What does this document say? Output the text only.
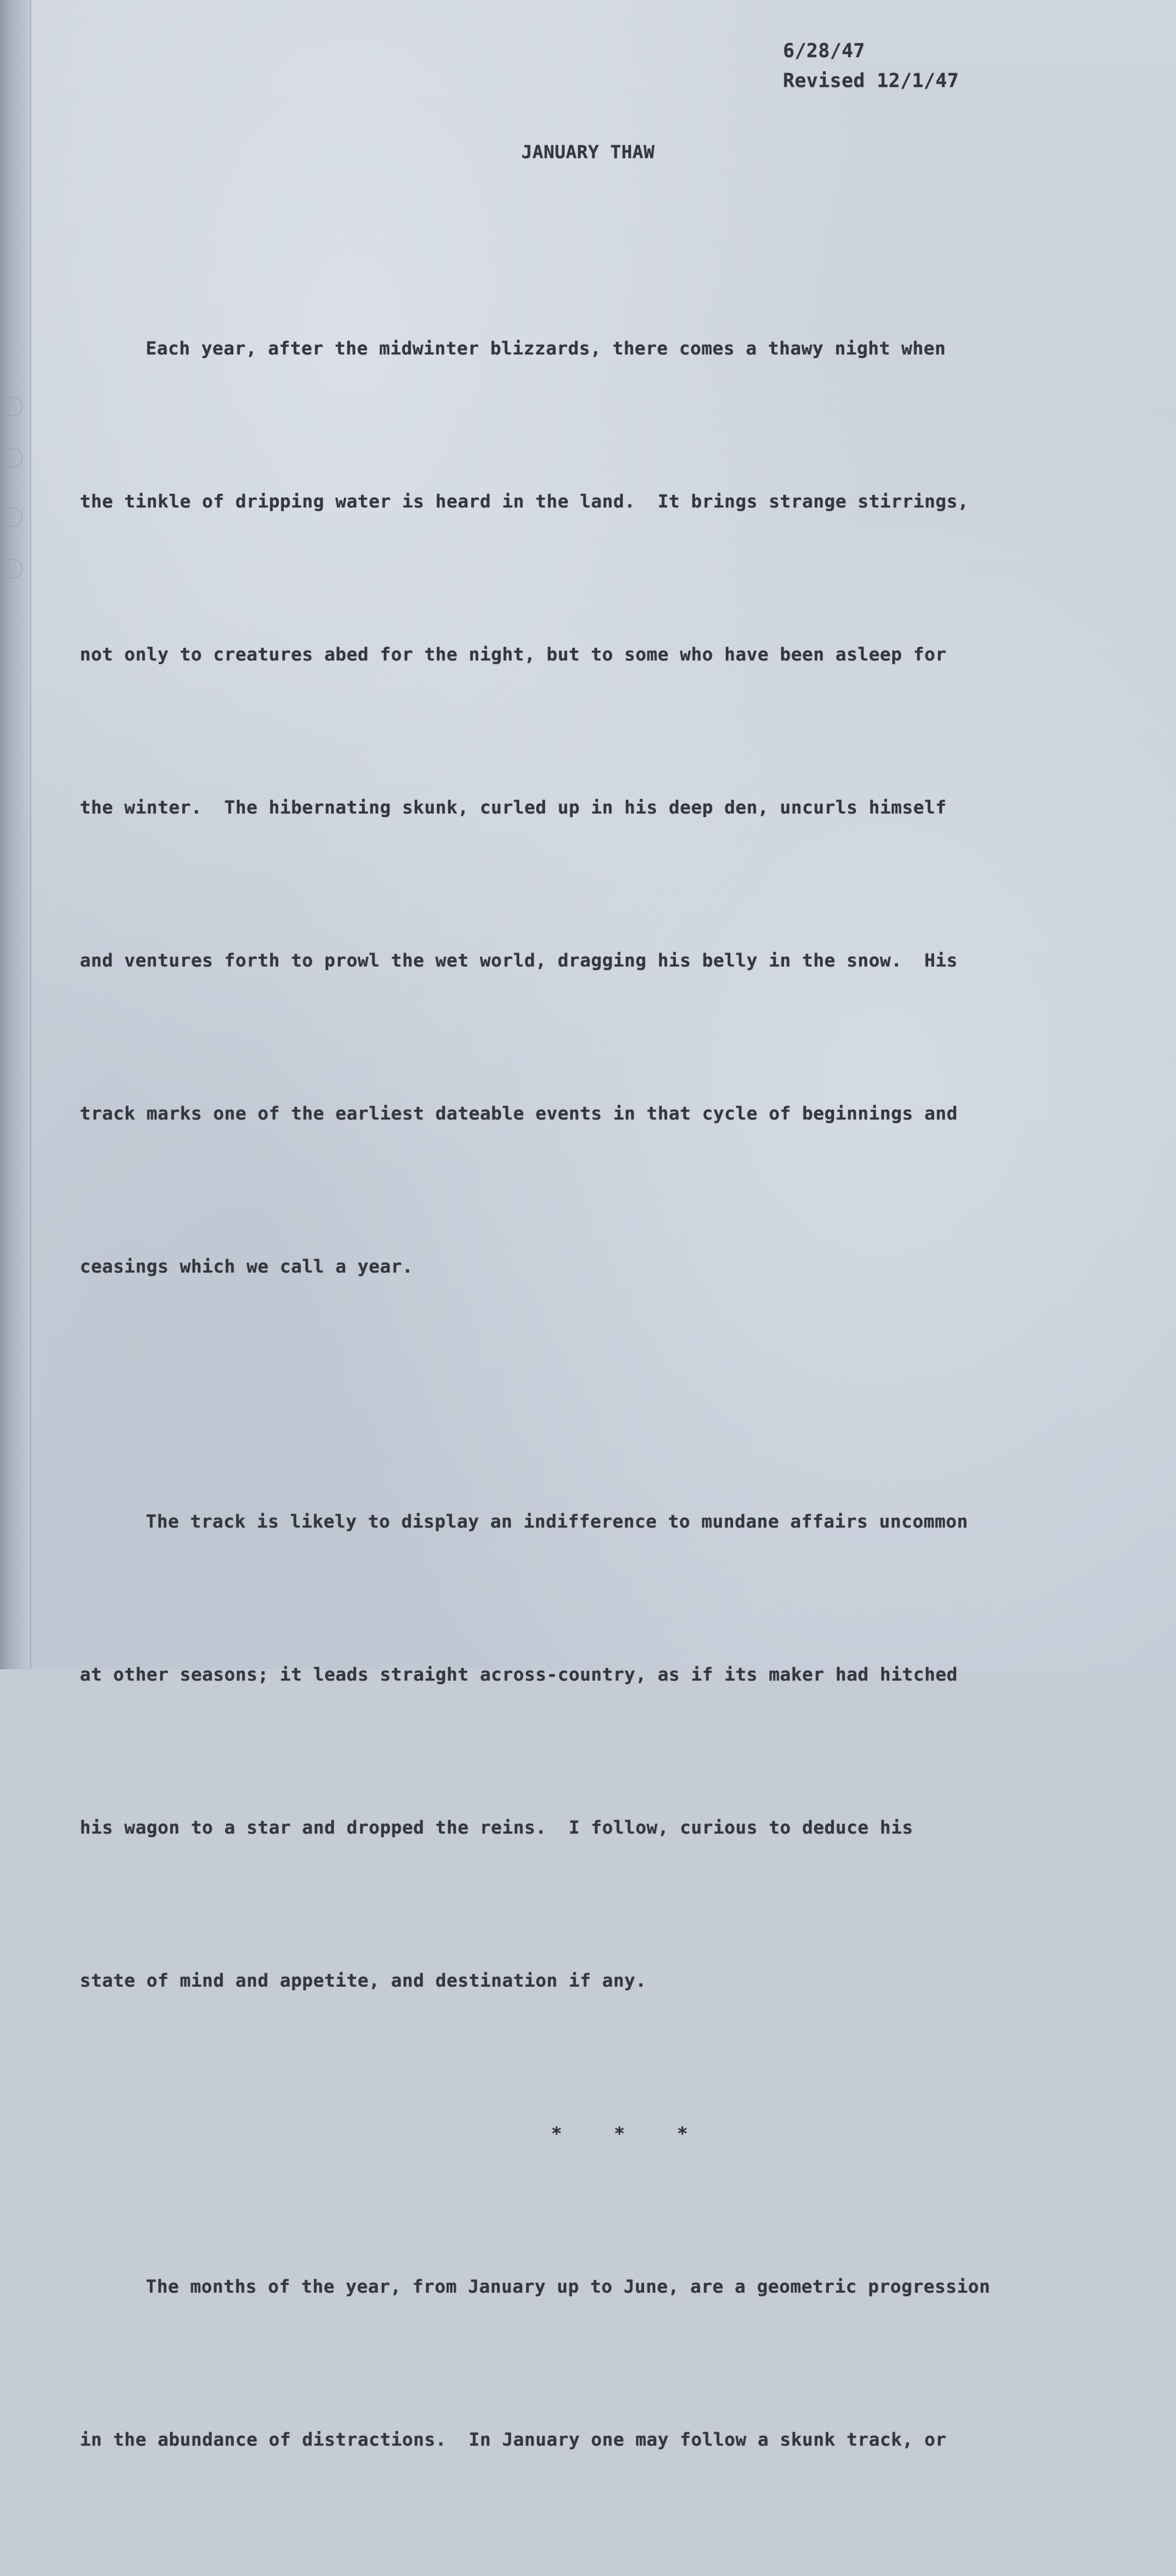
◦
◦
◦
◦
6/28/47
Revised 12/1/47
JANUARY THAW

Each year, after the midwinter blizzards, there comes a thawy night when

the tinkle of dripping water is heard in the land.  It brings strange stirrings,

not only to creatures abed for the night, but to some who have been asleep for

the winter.  The hibernating skunk, curled up in his deep den, uncurls himself

and ventures forth to prowl the wet world, dragging his belly in the snow.  His

track marks one of the earliest dateable events in that cycle of beginnings and

ceasings which we call a year.

The track is likely to display an indifference to mundane affairs uncommon

at other seasons; it leads straight across-country, as if its maker had hitched

his wagon to a star and dropped the reins.  I follow, curious to deduce his

state of mind and appetite, and destination if any.

* * *

The months of the year, from January up to June, are a geometric progression

in the abundance of distractions.  In January one may follow a skunk track, or
